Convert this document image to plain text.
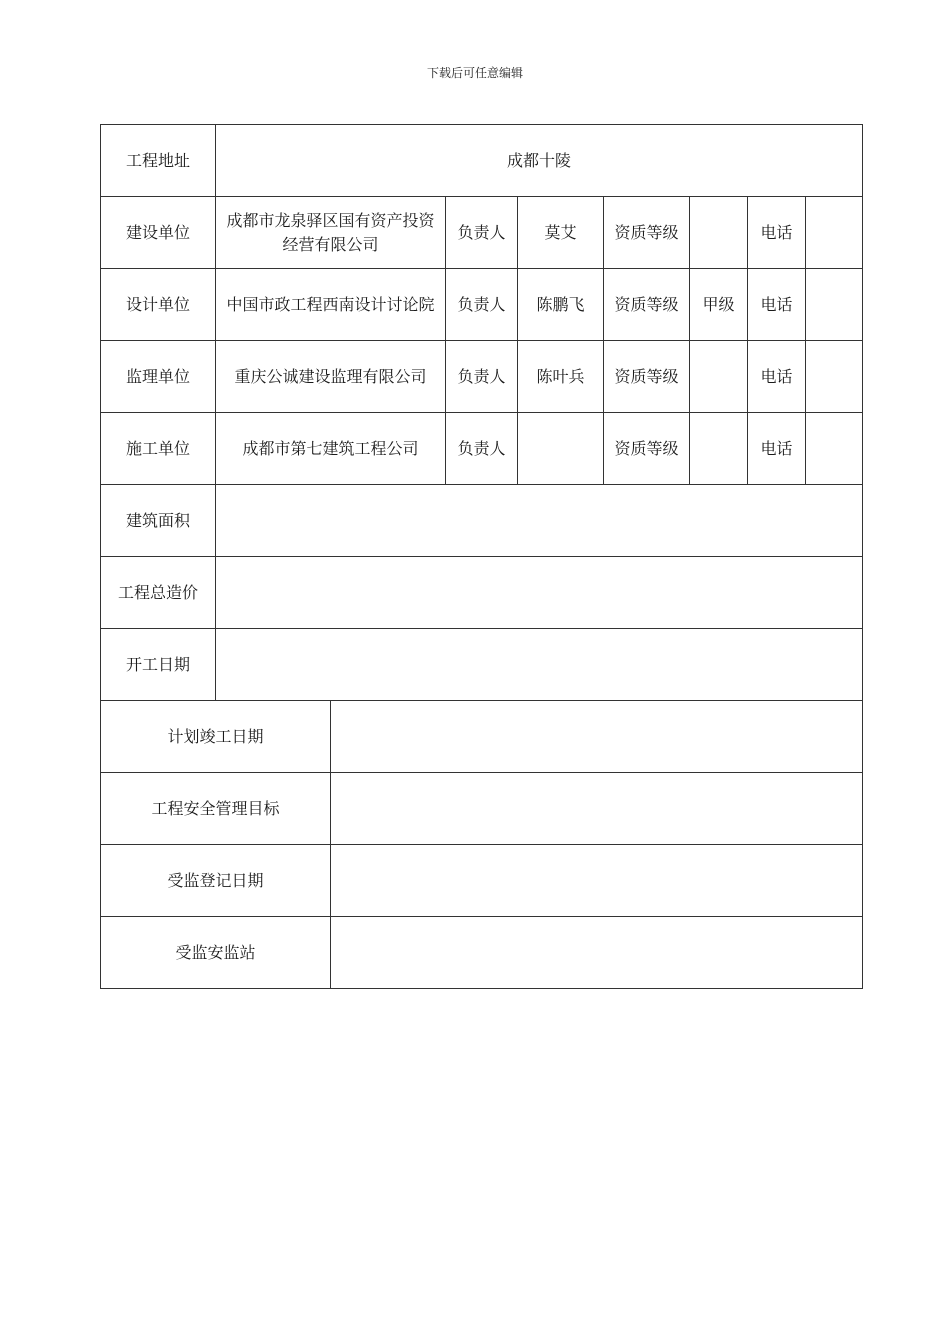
下载后可任意编辑
工程地址	成都十陵							
建设单位	成都市龙泉驿区国有资产投资经营有限公司		负责人	莫艾	资质等级		电话	
设计单位	中国市政工程西南设计讨论院		负责人	陈鹏飞	资质等级	甲级	电话	
监理单位	重庆公诚建设监理有限公司		负责人	陈叶兵	资质等级		电话	
施工单位	成都市第七建筑工程公司		负责人		资质等级		电话	
建筑面积								
工程总造价								
开工日期								
计划竣工日期								
工程安全管理目标								
受监登记日期								
受监安监站								
